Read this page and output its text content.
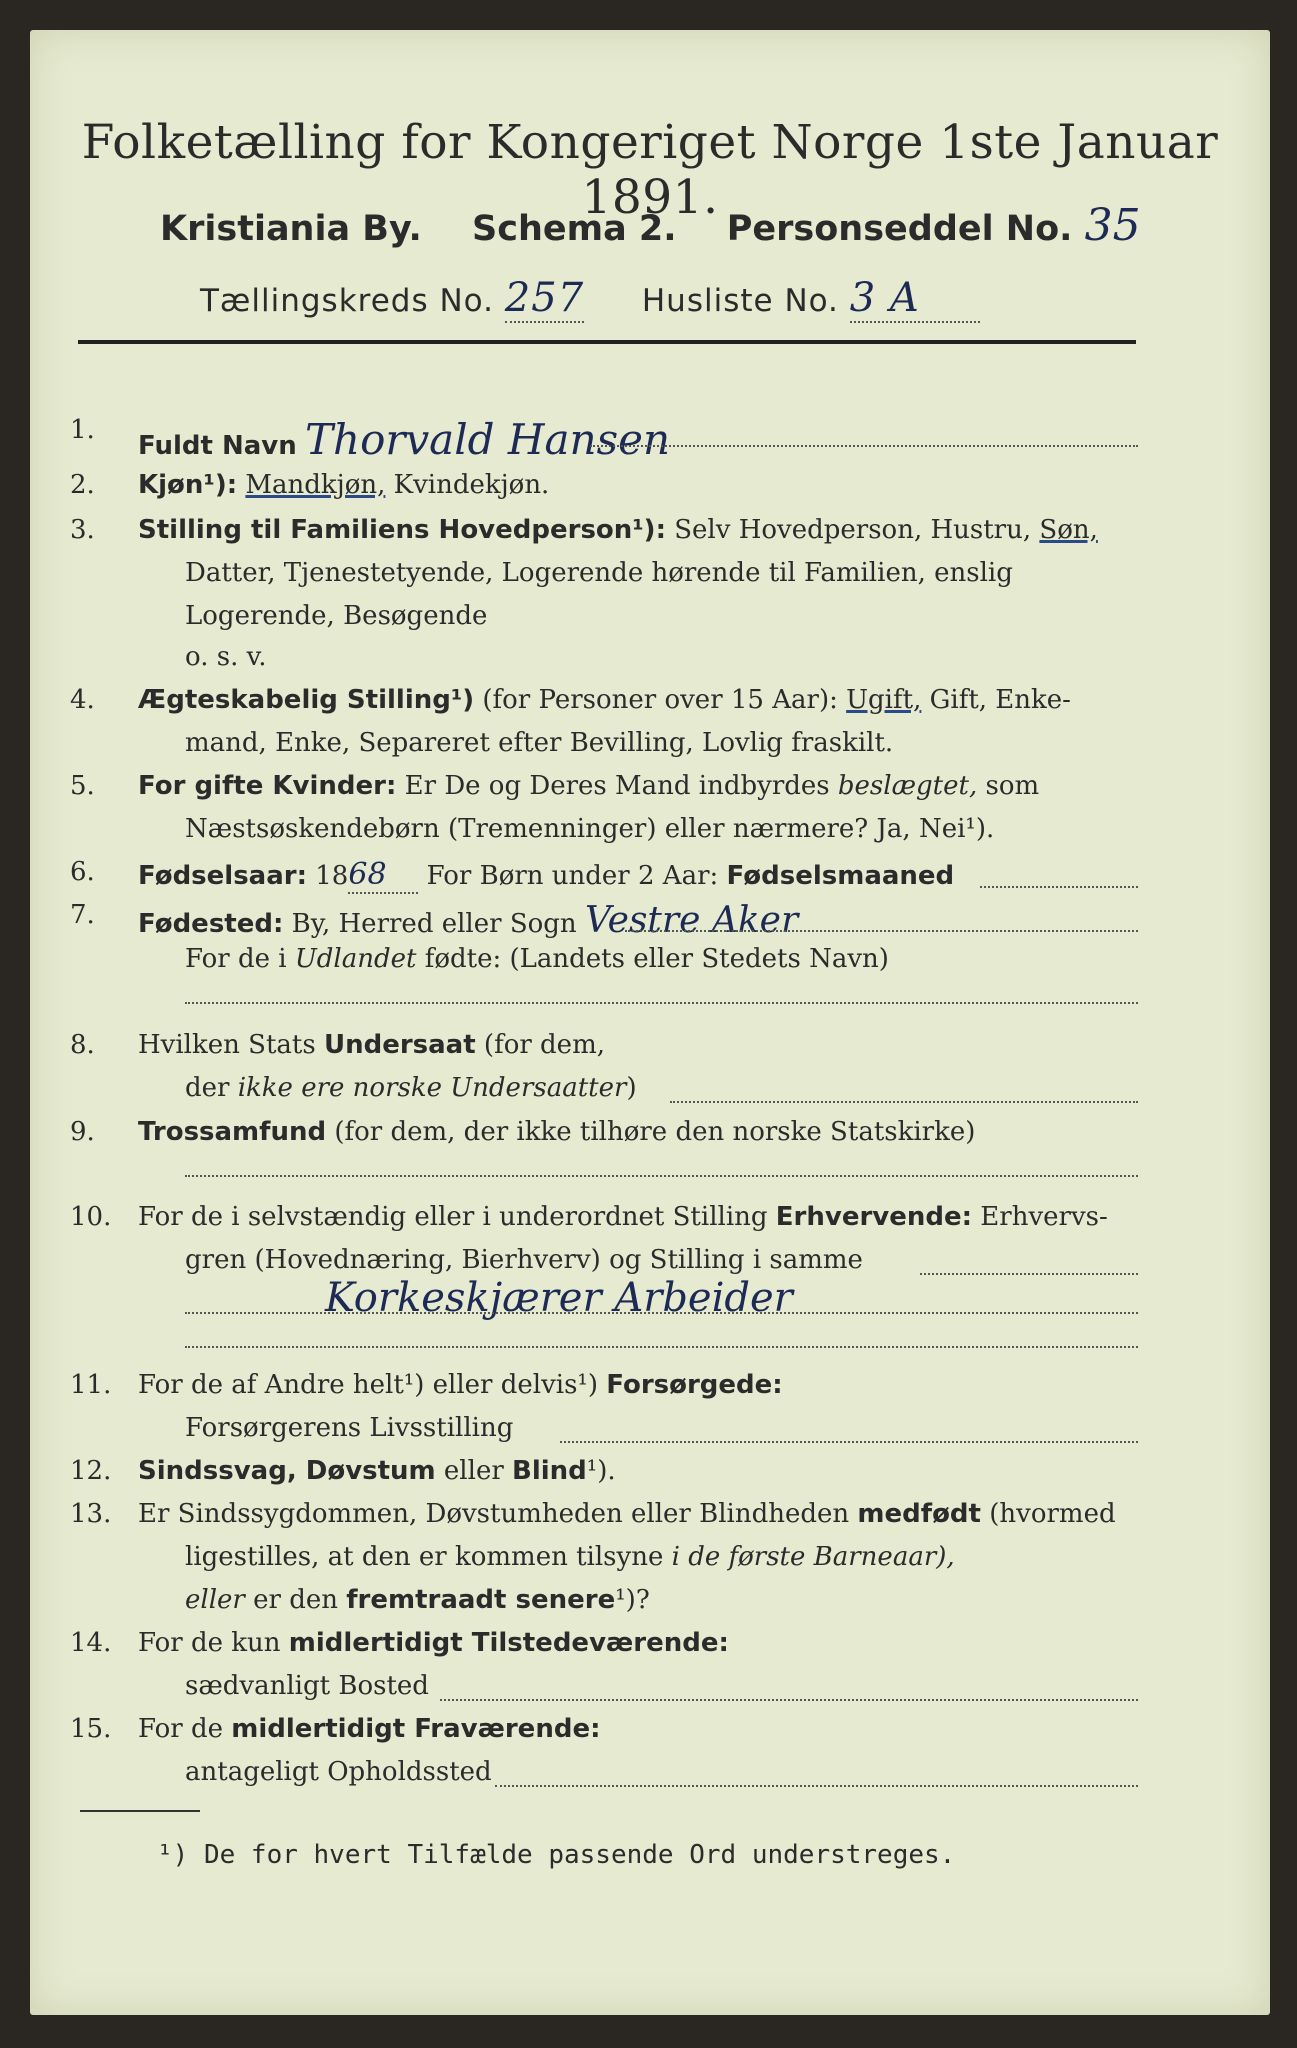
Folketælling for Kongeriget Norge 1ste Januar 1891.
Kristiania By. Schema 2. Personseddel No. 35
Tællingskreds No. 257 Husliste No. 3 A
1.
Fuldt Navn Thorvald Hansen
2. Kjøn¹): Mandkjøn, Kvindekjøn.
3. Stilling til Familiens Hovedperson¹): Selv Hovedperson, Hustru, Søn,
Datter, Tjenestetyende, Logerende hørende til Familien, enslig
Logerende, Besøgende
o. s. v.
4. Ægteskabelig Stilling¹) (for Personer over 15 Aar): Ugift, Gift, Enke-
mand, Enke, Separeret efter Bevilling, Lovlig fraskilt.
5. For gifte Kvinder: Er De og Deres Mand indbyrdes beslægtet, som
Næstsøskendebørn (Tremenninger) eller nærmere? Ja, Nei¹).
6. Fødselsaar: 1868 For Børn under 2 Aar: Fødselsmaaned
7. Fødested: By, Herred eller Sogn Vestre Aker
For de i Udlandet fødte: (Landets eller Stedets Navn)
8. Hvilken Stats Undersaat (for dem,
der ikke ere norske Undersaatter)
9. Trossamfund (for dem, der ikke tilhøre den norske Statskirke)
10. For de i selvstændig eller i underordnet Stilling Erhvervende: Erhvervs-
gren (Hovednæring, Bierhverv) og Stilling i samme
Korkeskjærer Arbeider
11. For de af Andre helt¹) eller delvis¹) Forsørgede:
Forsørgerens Livsstilling
12. Sindssvag, Døvstum eller Blind¹).
13. Er Sindssygdommen, Døvstumheden eller Blindheden medfødt (hvormed
ligestilles, at den er kommen tilsyne i de første Barneaar),
eller er den fremtraadt senere¹)?
14. For de kun midlertidigt Tilstedeværende:
sædvanligt Bosted
15. For de midlertidigt Fraværende:
antageligt Opholdssted
¹) De for hvert Tilfælde passende Ord understreges.
